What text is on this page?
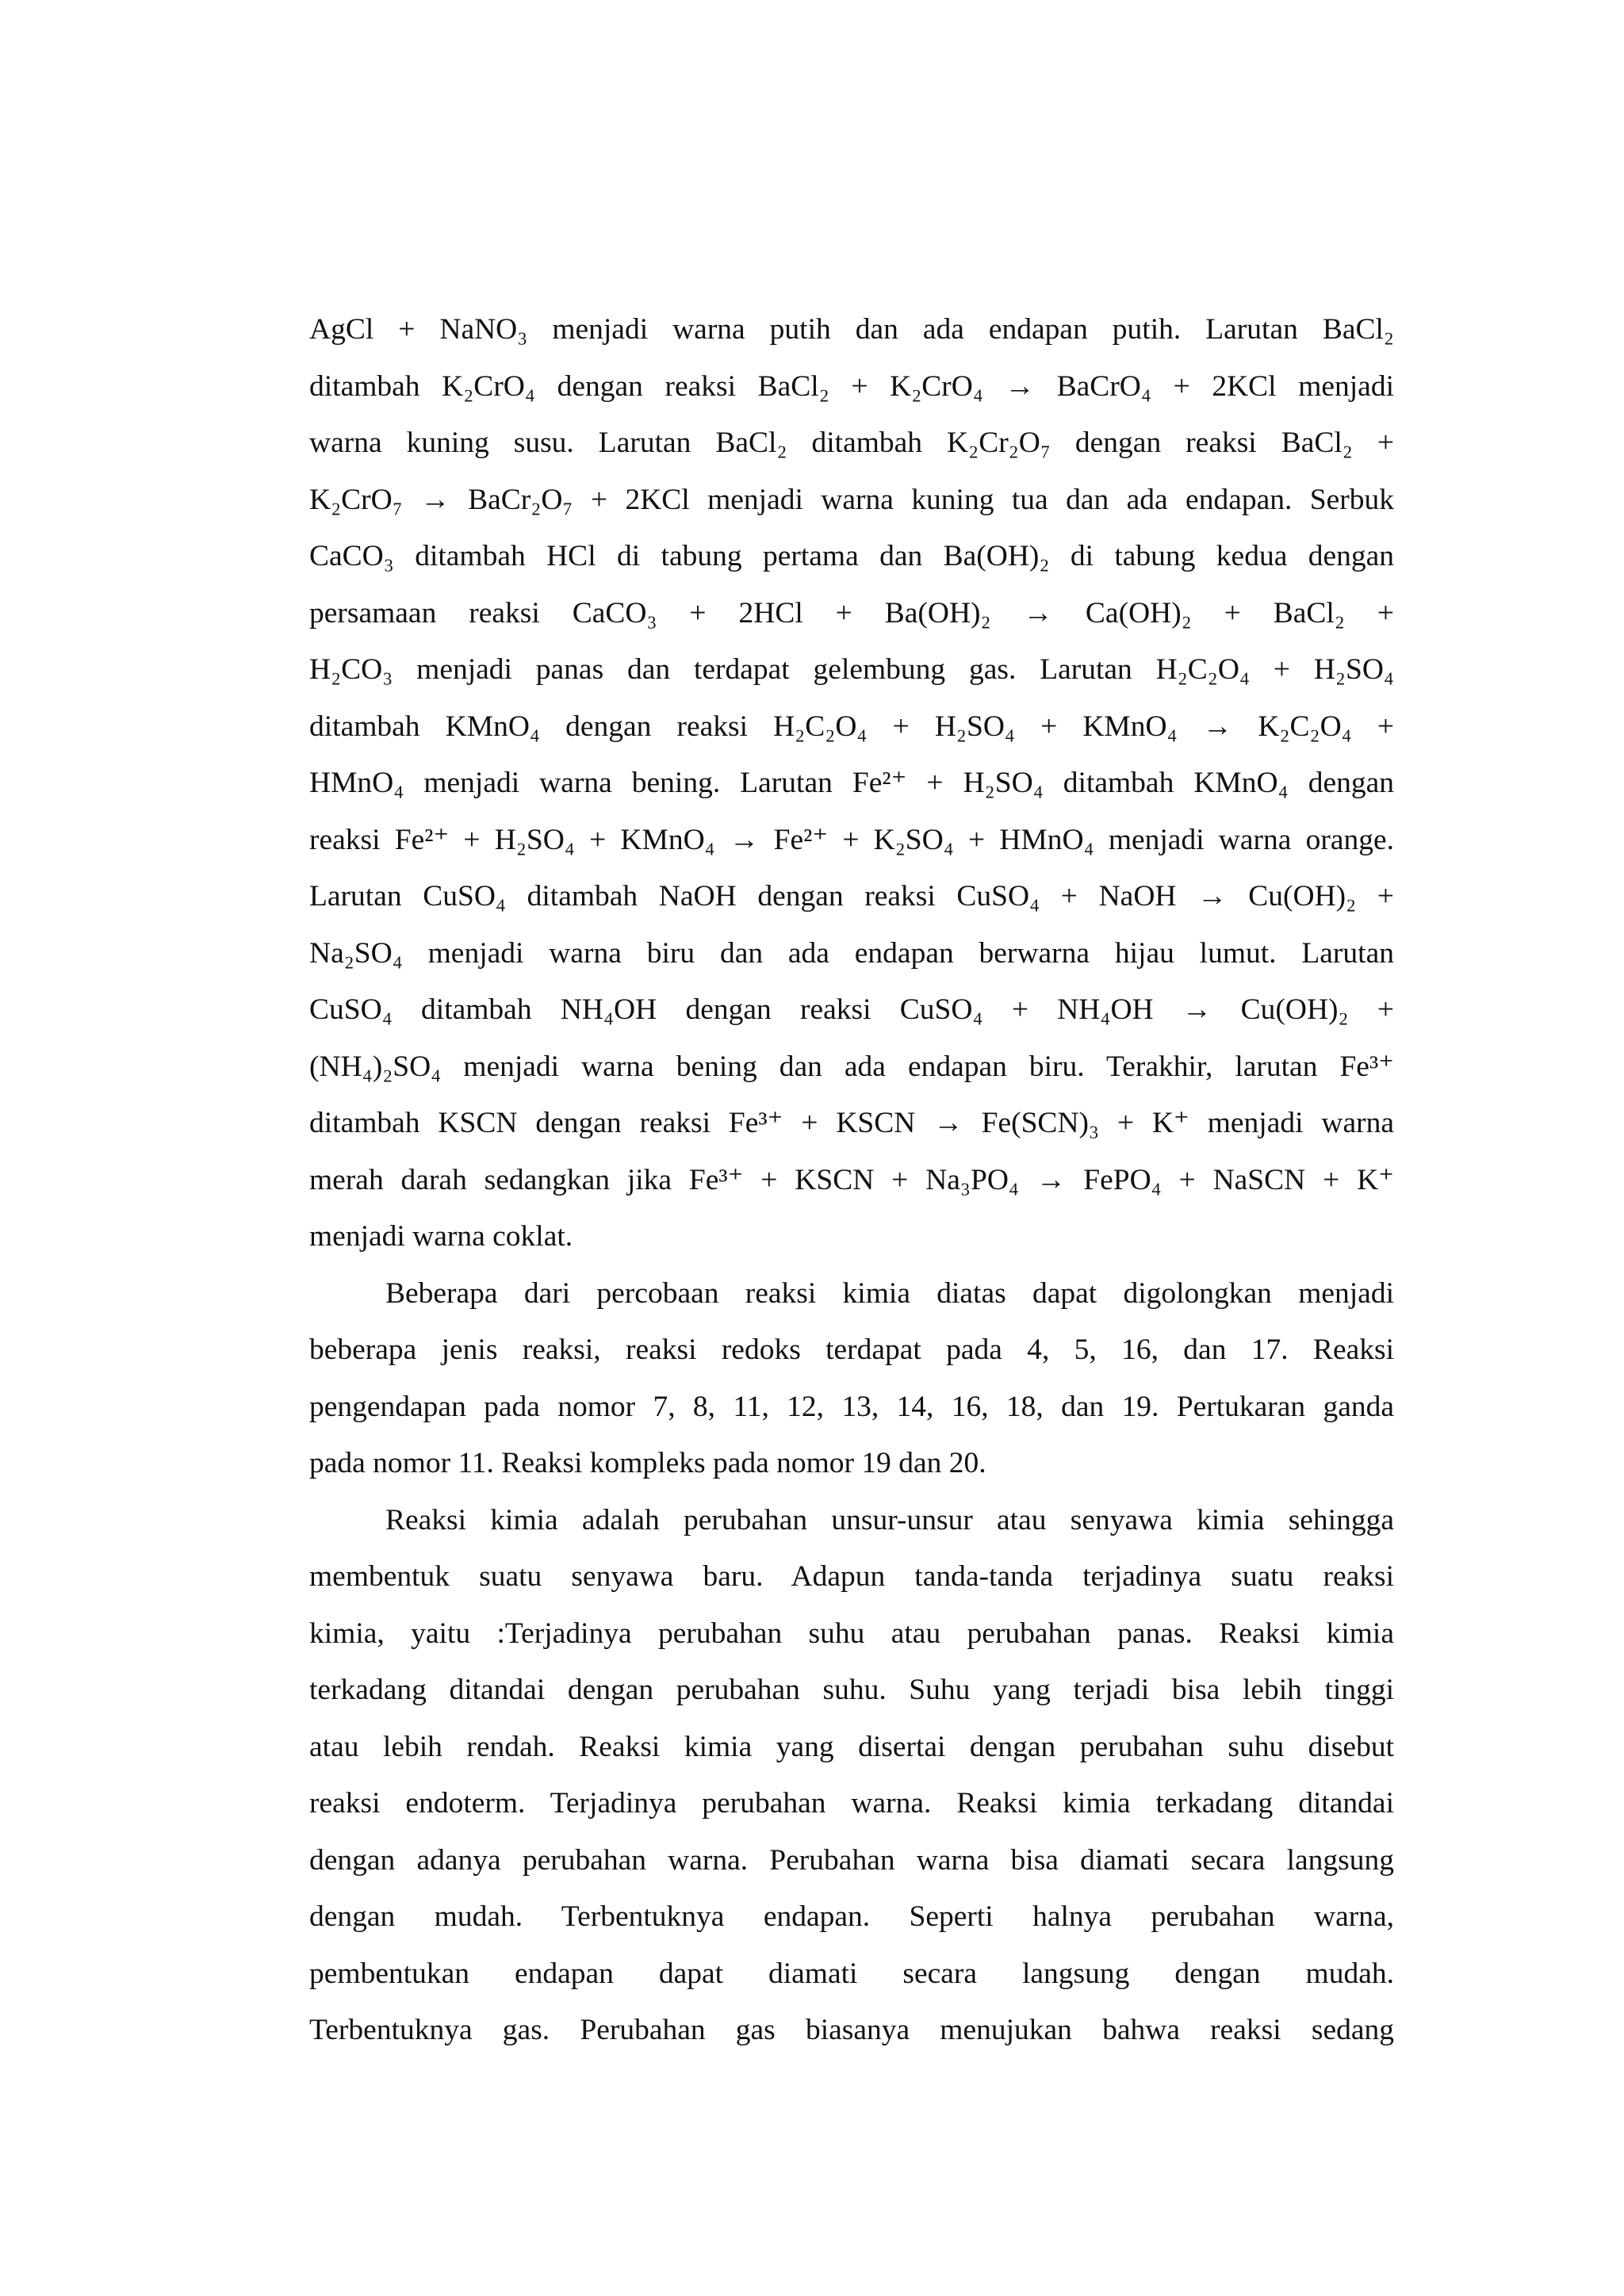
AgCl + NaNO₃ menjadi warna putih dan ada endapan putih. Larutan BaCl₂
ditambah K₂CrO₄ dengan reaksi BaCl₂ + K₂CrO₄ → BaCrO₄ + 2KCl menjadi
warna kuning susu. Larutan BaCl₂ ditambah K₂Cr₂O₇ dengan reaksi BaCl₂ +
K₂CrO₇ → BaCr₂O₇ + 2KCl menjadi warna kuning tua dan ada endapan. Serbuk
CaCO₃ ditambah HCl di tabung pertama dan Ba(OH)₂ di tabung kedua dengan
persamaan reaksi CaCO₃ + 2HCl + Ba(OH)₂ → Ca(OH)₂ + BaCl₂ +
H₂CO₃ menjadi panas dan terdapat gelembung gas. Larutan H₂C₂O₄ + H₂SO₄
ditambah KMnO₄ dengan reaksi H₂C₂O₄ + H₂SO₄ + KMnO₄ → K₂C₂O₄ +
HMnO₄ menjadi warna bening. Larutan Fe²⁺ + H₂SO₄ ditambah KMnO₄ dengan
reaksi Fe²⁺ + H₂SO₄ + KMnO₄ → Fe²⁺ + K₂SO₄ + HMnO₄ menjadi warna orange.
Larutan CuSO₄ ditambah NaOH dengan reaksi CuSO₄ + NaOH → Cu(OH)₂ +
Na₂SO₄ menjadi warna biru dan ada endapan berwarna hijau lumut. Larutan
CuSO₄ ditambah NH₄OH dengan reaksi CuSO₄ + NH₄OH → Cu(OH)₂ +
(NH₄)₂SO₄ menjadi warna bening dan ada endapan biru. Terakhir, larutan Fe³⁺
ditambah KSCN dengan reaksi Fe³⁺ + KSCN → Fe(SCN)₃ + K⁺ menjadi warna
merah darah sedangkan jika Fe³⁺ + KSCN + Na₃PO₄ → FePO₄ + NaSCN + K⁺
menjadi warna coklat.
Beberapa dari percobaan reaksi kimia diatas dapat digolongkan menjadi
beberapa jenis reaksi, reaksi redoks terdapat pada 4, 5, 16, dan 17. Reaksi
pengendapan pada nomor 7, 8, 11, 12, 13, 14, 16, 18, dan 19. Pertukaran ganda
pada nomor 11. Reaksi kompleks pada nomor 19 dan 20.
Reaksi kimia adalah perubahan unsur-unsur atau senyawa kimia sehingga
membentuk suatu senyawa baru. Adapun tanda-tanda terjadinya suatu reaksi
kimia, yaitu :Terjadinya perubahan suhu atau perubahan panas. Reaksi kimia
terkadang ditandai dengan perubahan suhu. Suhu yang terjadi bisa lebih tinggi
atau lebih rendah. Reaksi kimia yang disertai dengan perubahan suhu disebut
reaksi endoterm. Terjadinya perubahan warna. Reaksi kimia terkadang ditandai
dengan adanya perubahan warna. Perubahan warna bisa diamati secara langsung
dengan mudah. Terbentuknya endapan. Seperti halnya perubahan warna,
pembentukan endapan dapat diamati secara langsung dengan mudah.
Terbentuknya gas. Perubahan gas biasanya menujukan bahwa reaksi sedang
